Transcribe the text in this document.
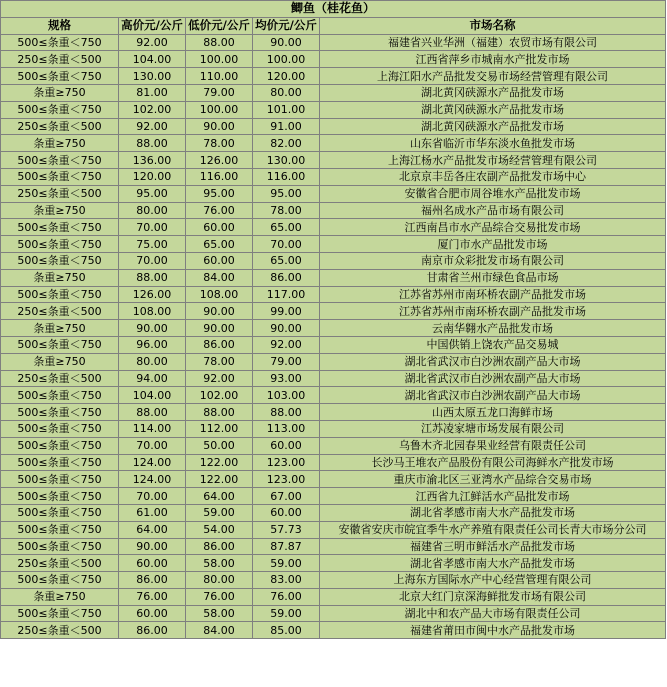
鲫鱼（桂花鱼）				
规格	高价元/公斤	低价元/公斤	均价元/公斤	市场名称
500≤条重＜750	92.00	88.00	90.00	福建省兴业华洲（福建）农贸市场有限公司
250≤条重＜500	104.00	100.00	100.00	江西省萍乡市城南水产批发市场
500≤条重＜750	130.00	110.00	120.00	上海江阳水产品批发交易市场经营管理有限公司
条重≥750	81.00	79.00	80.00	湖北黄冈硖源水产品批发市场
500≤条重＜750	102.00	100.00	101.00	湖北黄冈硖源水产品批发市场
250≤条重＜500	92.00	90.00	91.00	湖北黄冈硖源水产品批发市场
条重≥750	88.00	78.00	82.00	山东省临沂市华东淡水鱼批发市场
500≤条重＜750	136.00	126.00	130.00	上海江杨水产品批发市场经营管理有限公司
500≤条重＜750	120.00	116.00	116.00	北京京丰岳各庄农副产品批发市场中心
250≤条重＜500	95.00	95.00	95.00	安徽省合肥市周谷堆水产品批发市场
条重≥750	80.00	76.00	78.00	福州名成水产品市场有限公司
500≤条重＜750	70.00	60.00	65.00	江西南昌市水产品综合交易批发市场
500≤条重＜750	75.00	65.00	70.00	厦门市水产品批发市场
500≤条重＜750	70.00	60.00	65.00	南京市众彩批发市场有限公司
条重≥750	88.00	84.00	86.00	甘肃省兰州市绿色食品市场
500≤条重＜750	126.00	108.00	117.00	江苏省苏州市南环桥农副产品批发市场
250≤条重＜500	108.00	90.00	99.00	江苏省苏州市南环桥农副产品批发市场
条重≥750	90.00	90.00	90.00	云南华翱水产品批发市场
500≤条重＜750	96.00	86.00	92.00	中国供销上饶农产品交易城
条重≥750	80.00	78.00	79.00	湖北省武汉市白沙洲农副产品大市场
250≤条重＜500	94.00	92.00	93.00	湖北省武汉市白沙洲农副产品大市场
500≤条重＜750	104.00	102.00	103.00	湖北省武汉市白沙洲农副产品大市场
500≤条重＜750	88.00	88.00	88.00	山西太原五龙口海鲜市场
500≤条重＜750	114.00	112.00	113.00	江苏凌家塘市场发展有限公司
500≤条重＜750	70.00	50.00	60.00	乌鲁木齐北园春果业经营有限责任公司
500≤条重＜750	124.00	122.00	123.00	长沙马王堆农产品股份有限公司海鲜水产批发市场
500≤条重＜750	124.00	122.00	123.00	重庆市渝北区三亚湾水产品综合交易市场
500≤条重＜750	70.00	64.00	67.00	江西省九江鲜活水产品批发市场
500≤条重＜750	61.00	59.00	60.00	湖北省孝感市南大水产品批发市场
500≤条重＜750	64.00	54.00	57.73	安徽省安庆市皖宜季牛水产养殖有限责任公司长青大市场分公司
500≤条重＜750	90.00	86.00	87.87	福建省三明市鲜活水产品批发市场
250≤条重＜500	60.00	58.00	59.00	湖北省孝感市南大水产品批发市场
500≤条重＜750	86.00	80.00	83.00	上海东方国际水产中心经营管理有限公司
条重≥750	76.00	76.00	76.00	北京大红门京深海鲜批发市场有限公司
500≤条重＜750	60.00	58.00	59.00	湖北中和农产品大市场有限责任公司
250≤条重＜500	86.00	84.00	85.00	福建省莆田市闽中水产品批发市场
